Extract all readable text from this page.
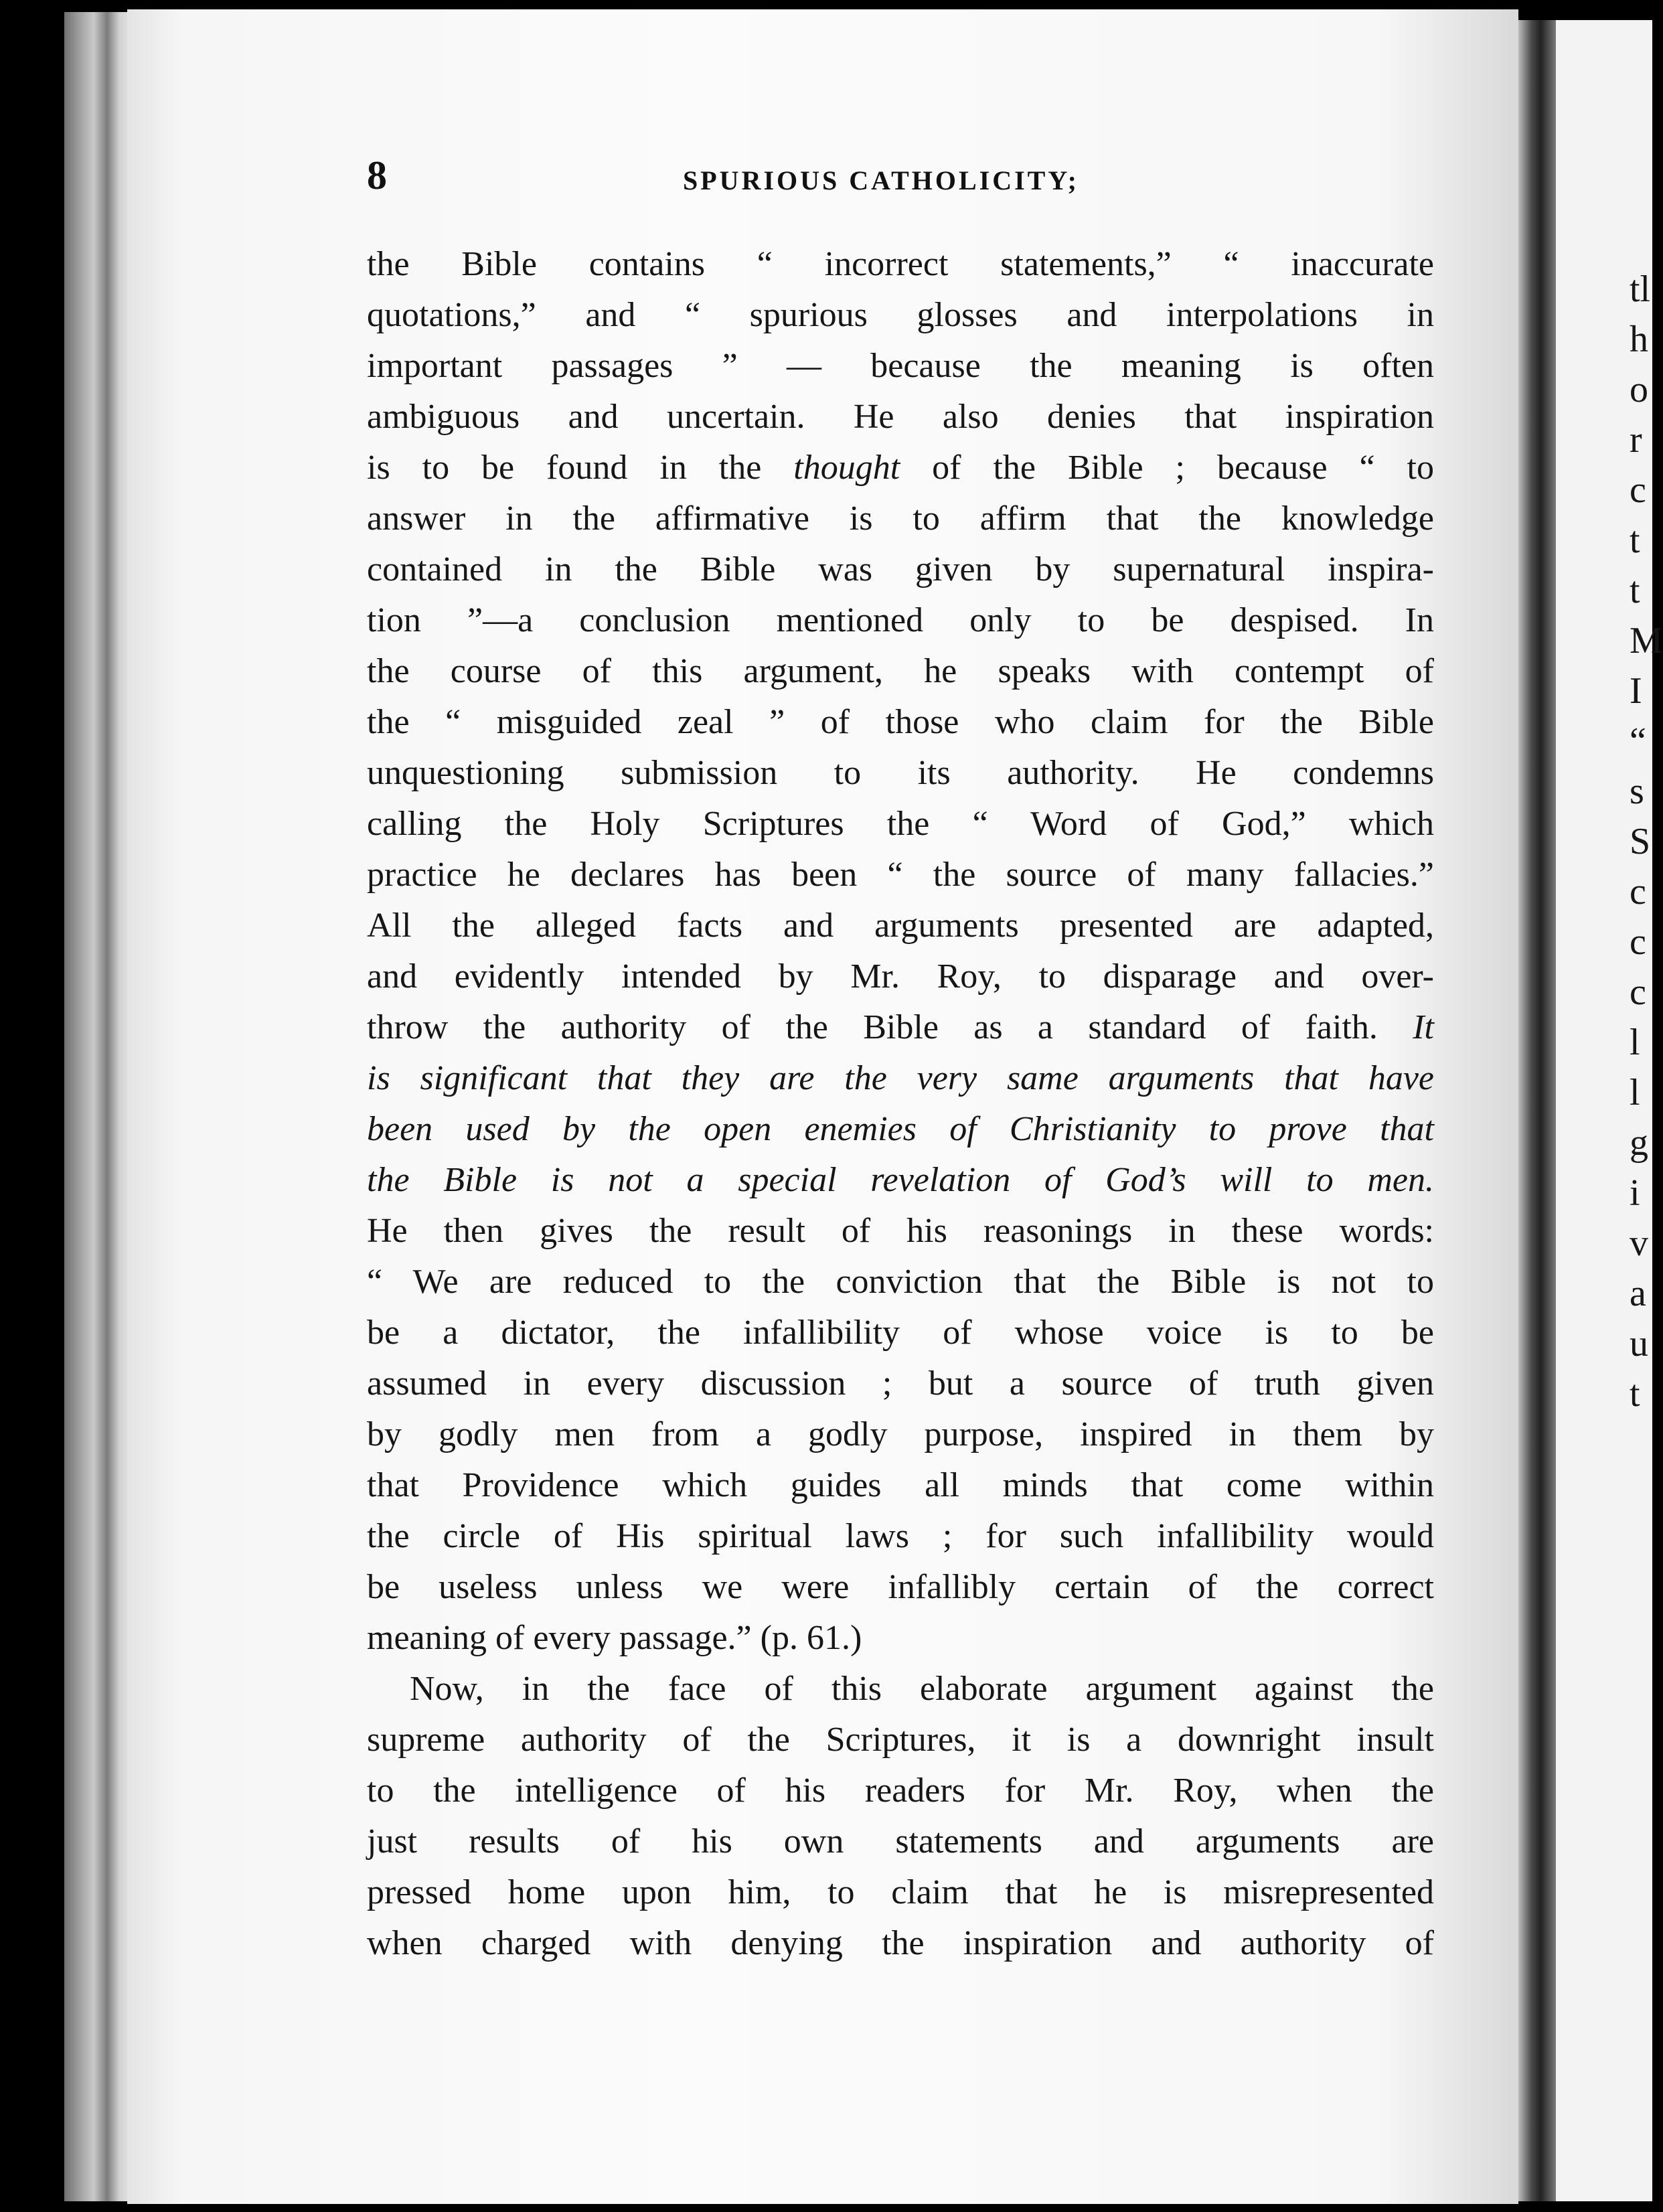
tl
h
o
r
c
t
t
M
I
“
s
S
c
c
c
l
l
g
i
v
a
u
t
8	SPURIOUS CATHOLICITY;
the Bible contains “ incorrect statements,” “ inaccurate
quotations,” and “ spurious glosses and interpolations in
important passages ” — because the meaning is often
ambiguous and uncertain. He also denies that inspiration
is to be found in the thought of the Bible ; because “ to
answer in the affirmative is to affirm that the knowledge
contained in the Bible was given by supernatural inspira-
tion ”—a conclusion mentioned only to be despised. In
the course of this argument, he speaks with contempt of
the “ misguided zeal ” of those who claim for the Bible
unquestioning submission to its authority. He condemns
calling the Holy Scriptures the “ Word of God,” which
practice he declares has been “ the source of many fallacies.”
All the alleged facts and arguments presented are adapted,
and evidently intended by Mr. Roy, to disparage and over-
throw the authority of the Bible as a standard of faith. It
is significant that they are the very same arguments that have
been used by the open enemies of Christianity to prove that
the Bible is not a special revelation of God’s will to men.
He then gives the result of his reasonings in these words:
“ We are reduced to the conviction that the Bible is not to
be a dictator, the infallibility of whose voice is to be
assumed in every discussion ; but a source of truth given
by godly men from a godly purpose, inspired in them by
that Providence which guides all minds that come within
the circle of His spiritual laws ; for such infallibility would
be useless unless we were infallibly certain of the correct
meaning of every passage.” (p. 61.)
Now, in the face of this elaborate argument against the
supreme authority of the Scriptures, it is a downright insult
to the intelligence of his readers for Mr. Roy, when the
just results of his own statements and arguments are
pressed home upon him, to claim that he is misrepresented
when charged with denying the inspiration and authority of
